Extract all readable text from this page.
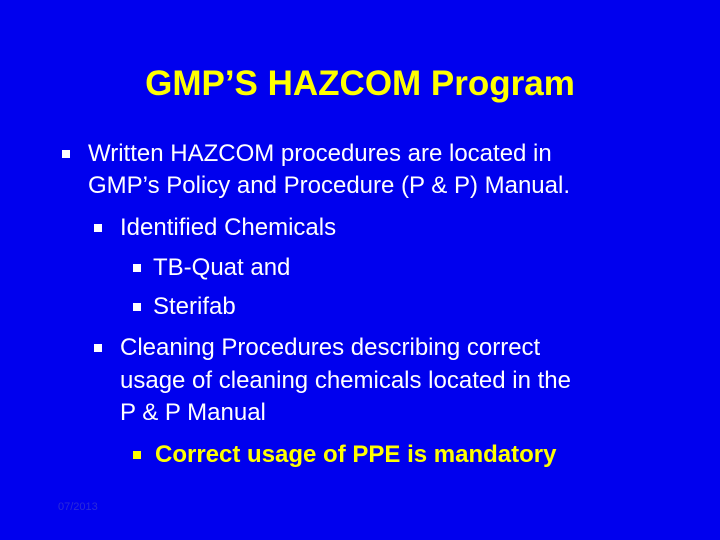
GMP’S HAZCOM Program
Written HAZCOM procedures are located in
GMP’s Policy and Procedure (P & P) Manual.
Identified Chemicals
TB-Quat and
Sterifab
Cleaning Procedures describing correct
usage of cleaning chemicals located in the
P & P Manual
Correct usage of PPE is mandatory
07/2013
